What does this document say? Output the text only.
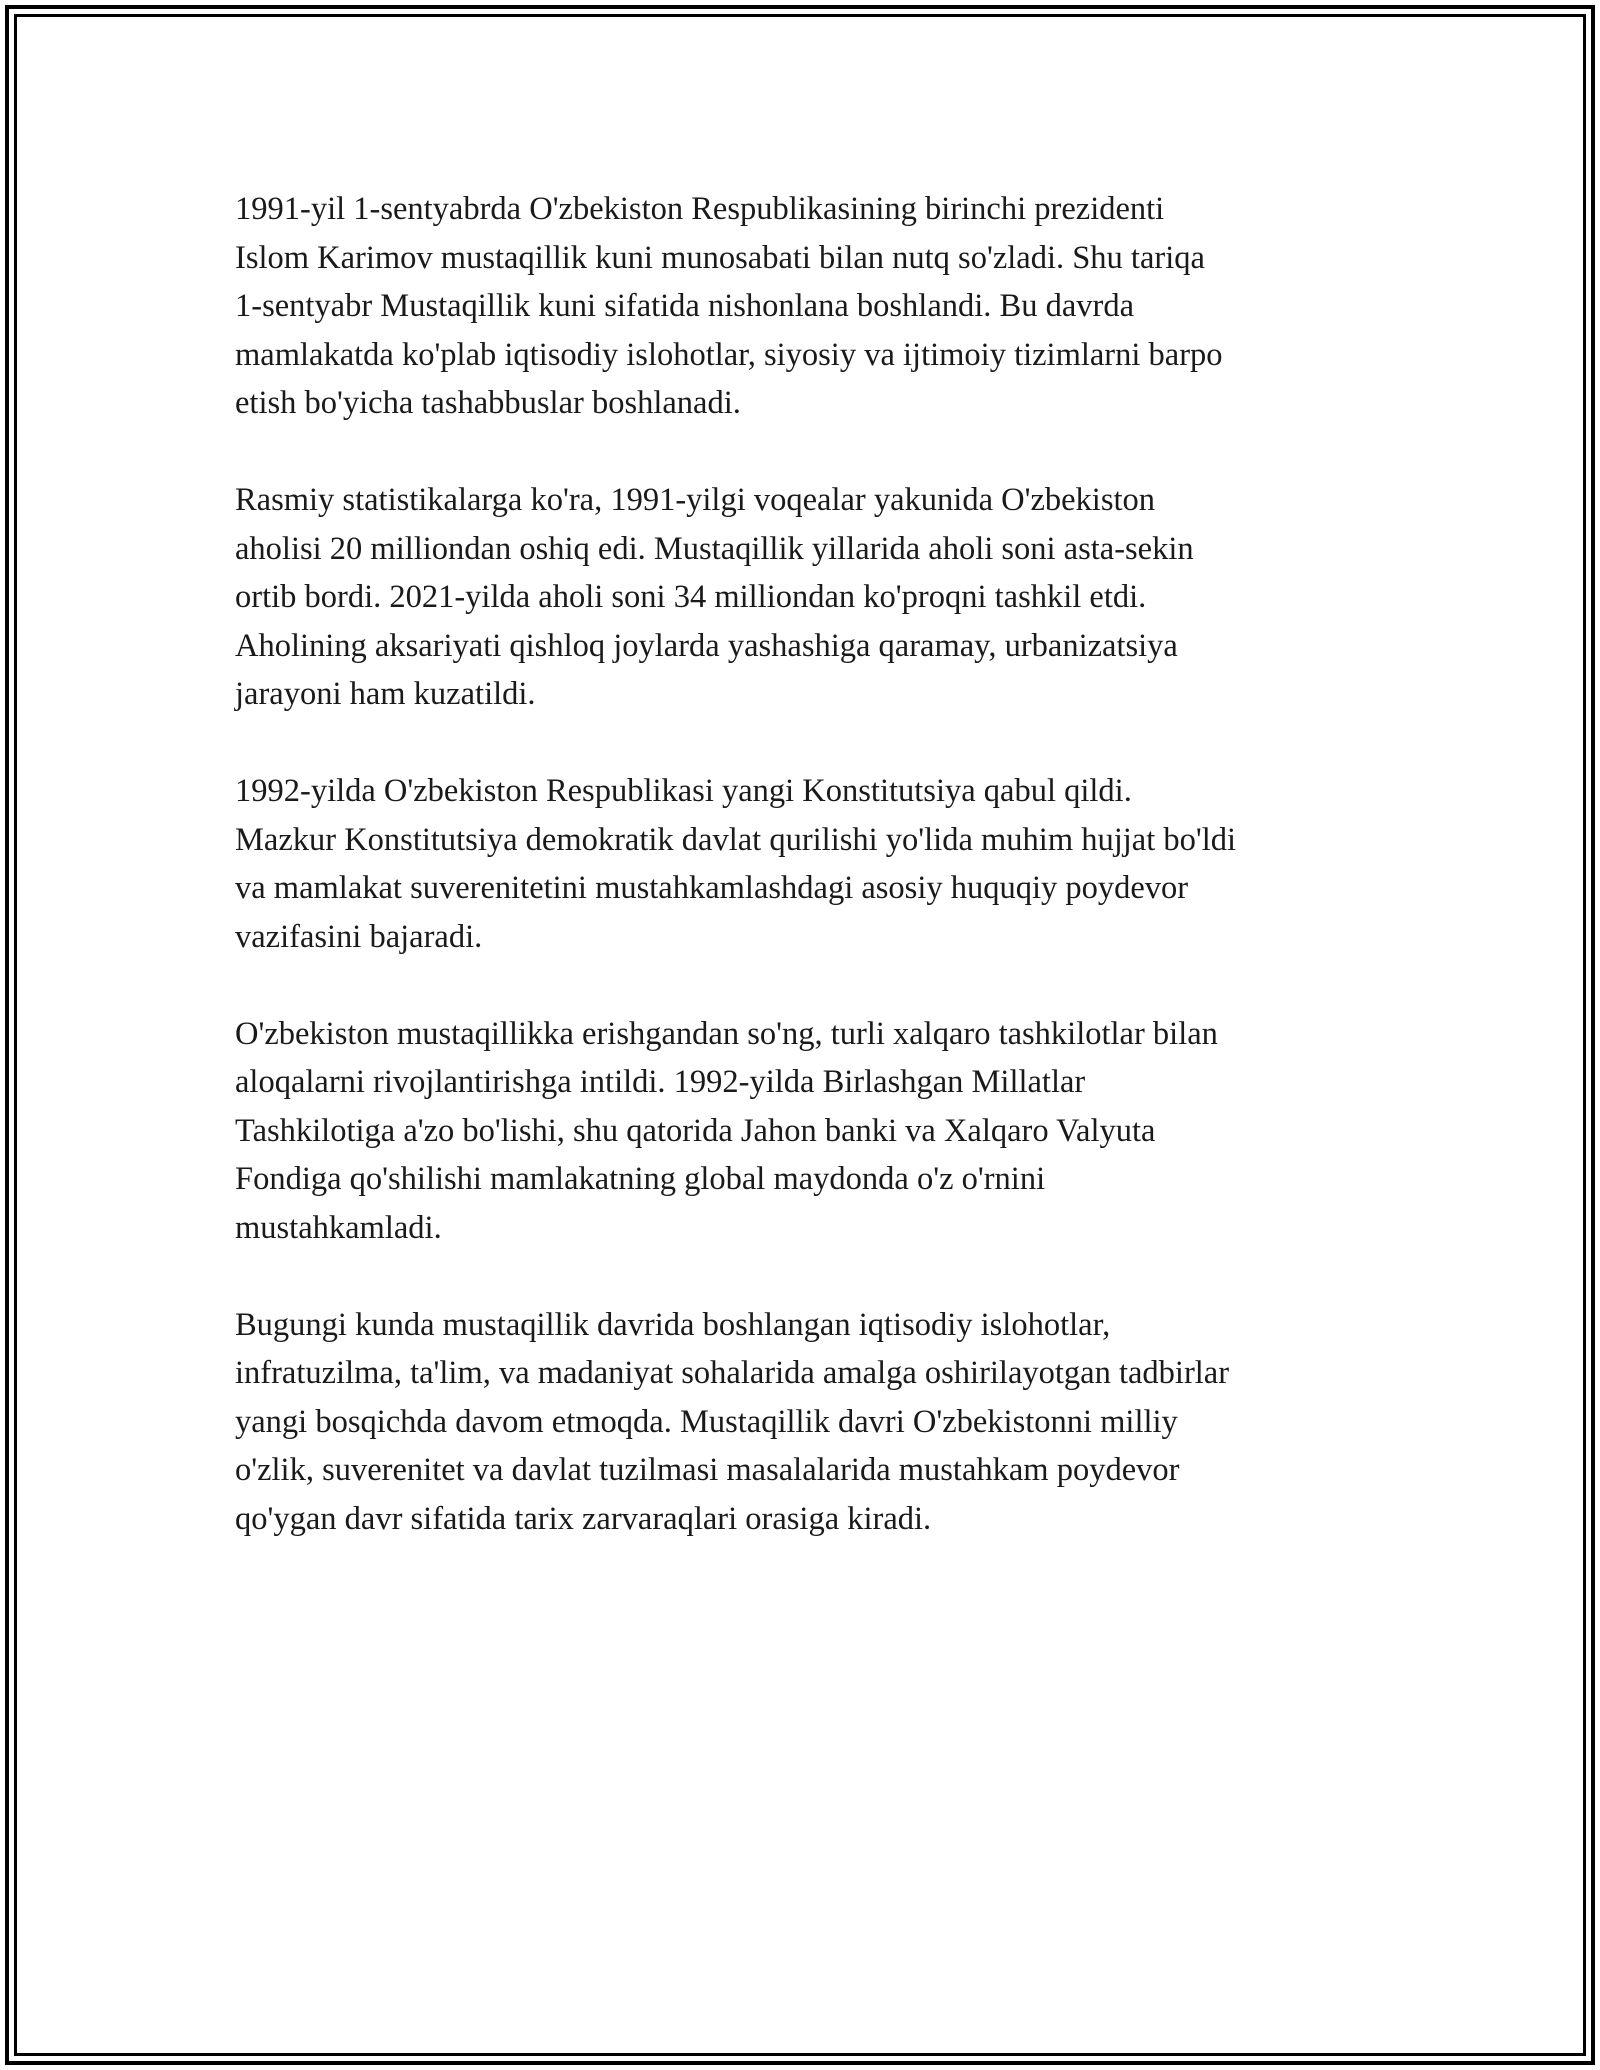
1991-yil 1-sentyabrda O'zbekiston Respublikasining birinchi prezidenti
Islom Karimov mustaqillik kuni munosabati bilan nutq so'zladi. Shu tariqa
1-sentyabr Mustaqillik kuni sifatida nishonlana boshlandi. Bu davrda
mamlakatda ko'plab iqtisodiy islohotlar, siyosiy va ijtimoiy tizimlarni barpo
etish bo'yicha tashabbuslar boshlanadi.

Rasmiy statistikalarga ko'ra, 1991-yilgi voqealar yakunida O'zbekiston
aholisi 20 milliondan oshiq edi. Mustaqillik yillarida aholi soni asta-sekin
ortib bordi. 2021-yilda aholi soni 34 milliondan ko'proqni tashkil etdi.
Aholining aksariyati qishloq joylarda yashashiga qaramay, urbanizatsiya
jarayoni ham kuzatildi.

1992-yilda O'zbekiston Respublikasi yangi Konstitutsiya qabul qildi.
Mazkur Konstitutsiya demokratik davlat qurilishi yo'lida muhim hujjat bo'ldi
va mamlakat suverenitetini mustahkamlashdagi asosiy huquqiy poydevor
vazifasini bajaradi.

O'zbekiston mustaqillikka erishgandan so'ng, turli xalqaro tashkilotlar bilan
aloqalarni rivojlantirishga intildi. 1992-yilda Birlashgan Millatlar
Tashkilotiga a'zo bo'lishi, shu qatorida Jahon banki va Xalqaro Valyuta
Fondiga qo'shilishi mamlakatning global maydonda o'z o'rnini
mustahkamladi.

Bugungi kunda mustaqillik davrida boshlangan iqtisodiy islohotlar,
infratuzilma, ta'lim, va madaniyat sohalarida amalga oshirilayotgan tadbirlar
yangi bosqichda davom etmoqda. Mustaqillik davri O'zbekistonni milliy
o'zlik, suverenitet va davlat tuzilmasi masalalarida mustahkam poydevor
qo'ygan davr sifatida tarix zarvaraqlari orasiga kiradi.
